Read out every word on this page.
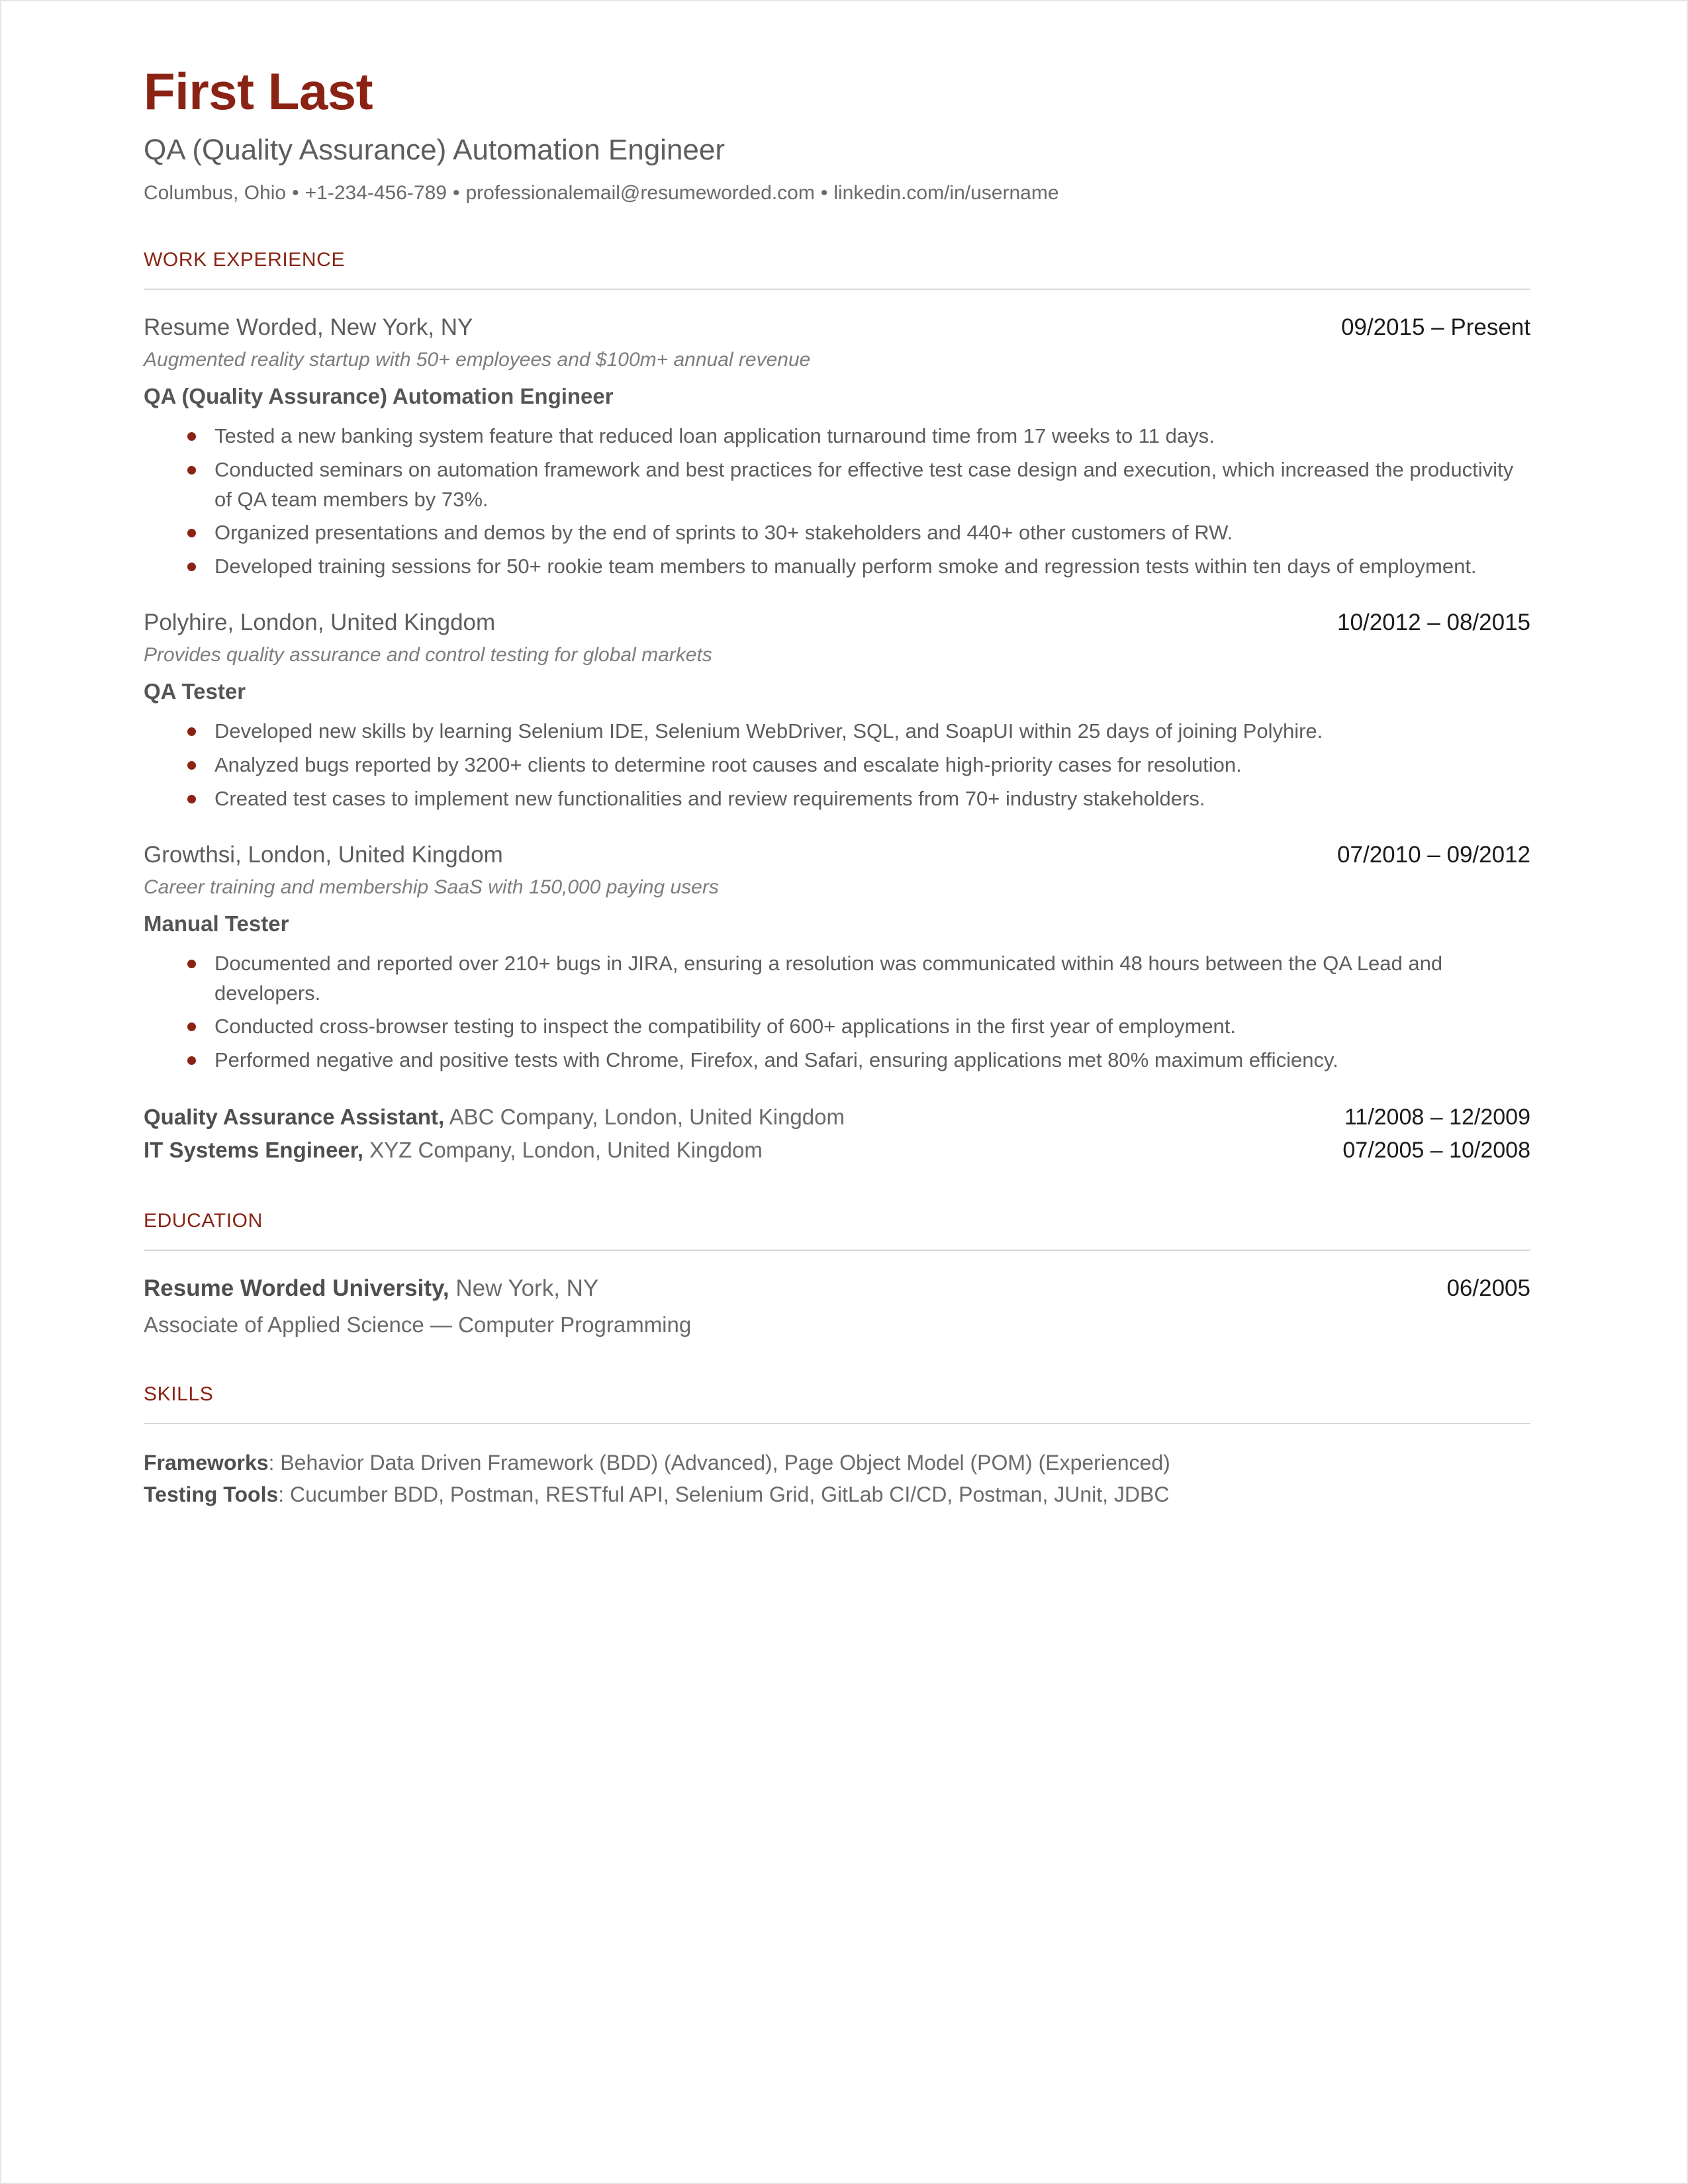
First Last
QA (Quality Assurance) Automation Engineer
Columbus, Ohio • +1-234-456-789 • professionalemail@resumeworded.com • linkedin.com/in/username
WORK EXPERIENCE
Resume Worded, New York, NY	09/2015 – Present
Augmented reality startup with 50+ employees and $100m+ annual revenue
QA (Quality Assurance) Automation Engineer
Tested a new banking system feature that reduced loan application turnaround time from 17 weeks to 11 days.
Conducted seminars on automation framework and best practices for effective test case design and execution, which increased the productivity of QA team members by 73%.
Organized presentations and demos by the end of sprints to 30+ stakeholders and 440+ other customers of RW.
Developed training sessions for 50+ rookie team members to manually perform smoke and regression tests within ten days of employment.
Polyhire, London, United Kingdom	10/2012 – 08/2015
Provides quality assurance and control testing for global markets
QA Tester
Developed new skills by learning Selenium IDE, Selenium WebDriver, SQL, and SoapUI within 25 days of joining Polyhire.
Analyzed bugs reported by 3200+ clients to determine root causes and escalate high-priority cases for resolution.
Created test cases to implement new functionalities and review requirements from 70+ industry stakeholders.
Growthsi, London, United Kingdom	07/2010 – 09/2012
Career training and membership SaaS with 150,000 paying users
Manual Tester
Documented and reported over 210+ bugs in JIRA, ensuring a resolution was communicated within 48 hours between the QA Lead and developers.
Conducted cross-browser testing to inspect the compatibility of 600+ applications in the first year of employment.
Performed negative and positive tests with Chrome, Firefox, and Safari, ensuring applications met 80% maximum efficiency.
Quality Assurance Assistant, ABC Company, London, United Kingdom	11/2008 – 12/2009
IT Systems Engineer, XYZ Company, London, United Kingdom	07/2005 – 10/2008
EDUCATION
Resume Worded University, New York, NY	06/2005
Associate of Applied Science — Computer Programming
SKILLS
Frameworks: Behavior Data Driven Framework (BDD) (Advanced), Page Object Model (POM) (Experienced)
Testing Tools: Cucumber BDD, Postman, RESTful API, Selenium Grid, GitLab CI/CD, Postman, JUnit, JDBC
